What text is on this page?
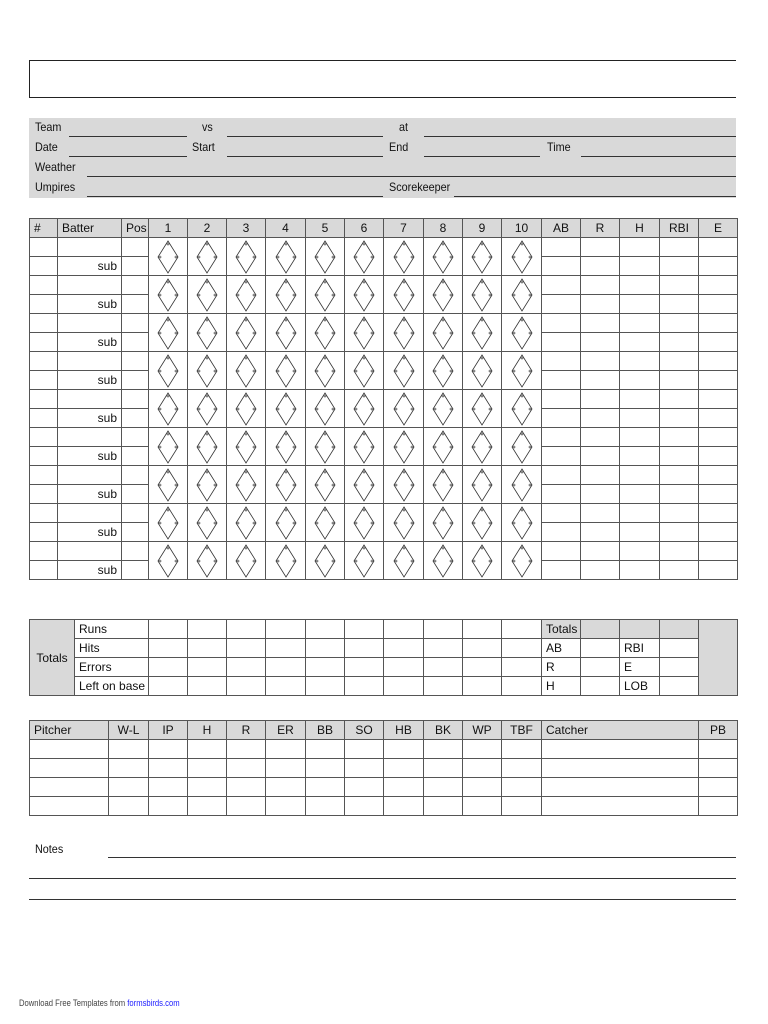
Team	vs	at
Date	Start	End	Time
Weather
Umpires	Scorekeeper
#	Batter	Pos	1	2	3	4	5	6	7	8	9	10	AB	R	H	RBI	E

	sub																

	sub																

	sub																

	sub																

	sub																

	sub																

	sub																

	sub																

	sub																
Totals	Runs											Totals				
	Hits											AB		RBI		
	Errors											R		E		
	Left on base											H		LOB		
Pitcher	W-L	IP	H	R	ER	BB	SO	HB	BK	WP	TBF	Catcher	PB

Notes
Download Free Templates from formsbirds.com
